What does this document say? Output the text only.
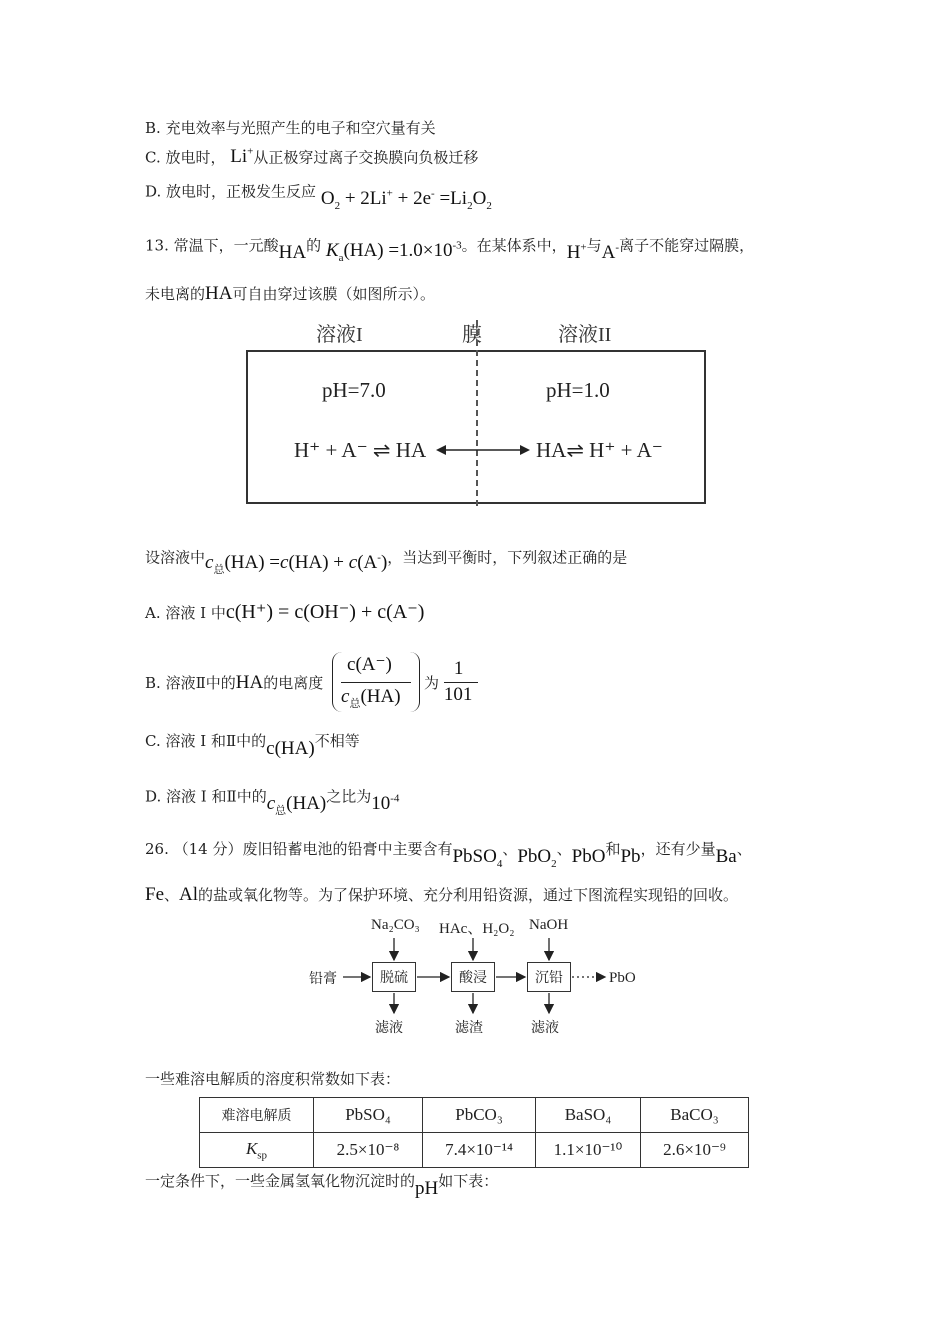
B. 充电效率与光照产生的电子和空穴量有关
C. 放电时， Li+从正极穿过离子交换膜向负极迁移
D. 放电时，正极发生反应 $O_2 + 2Li^+ + 2e^- =Li_2O_2$
13. 常温下，一元酸HA的 $K_a(HA) =1.0\times 10^{-3}$。在某体系中，H+与A-离子不能穿过隔膜，
未电离的HA可自由穿过该膜（如图所示）。
溶液I	膜	溶液II
pH=7.0	pH=1.0
H⁺ + A⁻ ⇌ HA	HA⇌ H⁺ + A⁻
设溶液中$c_总(HA) =c(HA) + c(A^-)$，当达到平衡时，下列叙述正确的是
A. 溶液 I 中c(H⁺) = c(OH⁻) + c(A⁻)
B. 溶液Ⅱ中的HA的电离度
c(A⁻)
$c_总(HA)$
为 $\frac{1}{101}$
C. 溶液 I 和Ⅱ中的c(HA)不相等
D. 溶液 I 和Ⅱ中的$c_总(HA)$之比为$10^{-4}$
26. （14 分）废旧铅蓄电池的铅膏中主要含有PbSO$_4$、PbO$_2$、PbO和Pb，还有少量Ba、
Fe、Al的盐或氧化物等。为了保护环境、充分利用铅资源，通过下图流程实现铅的回收。
Na₂CO₃ HAc、H₂O₂ NaOH
铅膏	脱硫	酸浸	沉铅	PbO
滤液	滤渣	滤液
一些难溶电解质的溶度积常数如下表：
难溶电解质	PbSO₄	PbCO₃	BaSO₄	BaCO₃
$K_{sp}$	2.5×10⁻⁸	7.4×10⁻¹⁴	1.1×10⁻¹⁰	2.6×10⁻⁹
一定条件下，一些金属氢氧化物沉淀时的pH如下表：
